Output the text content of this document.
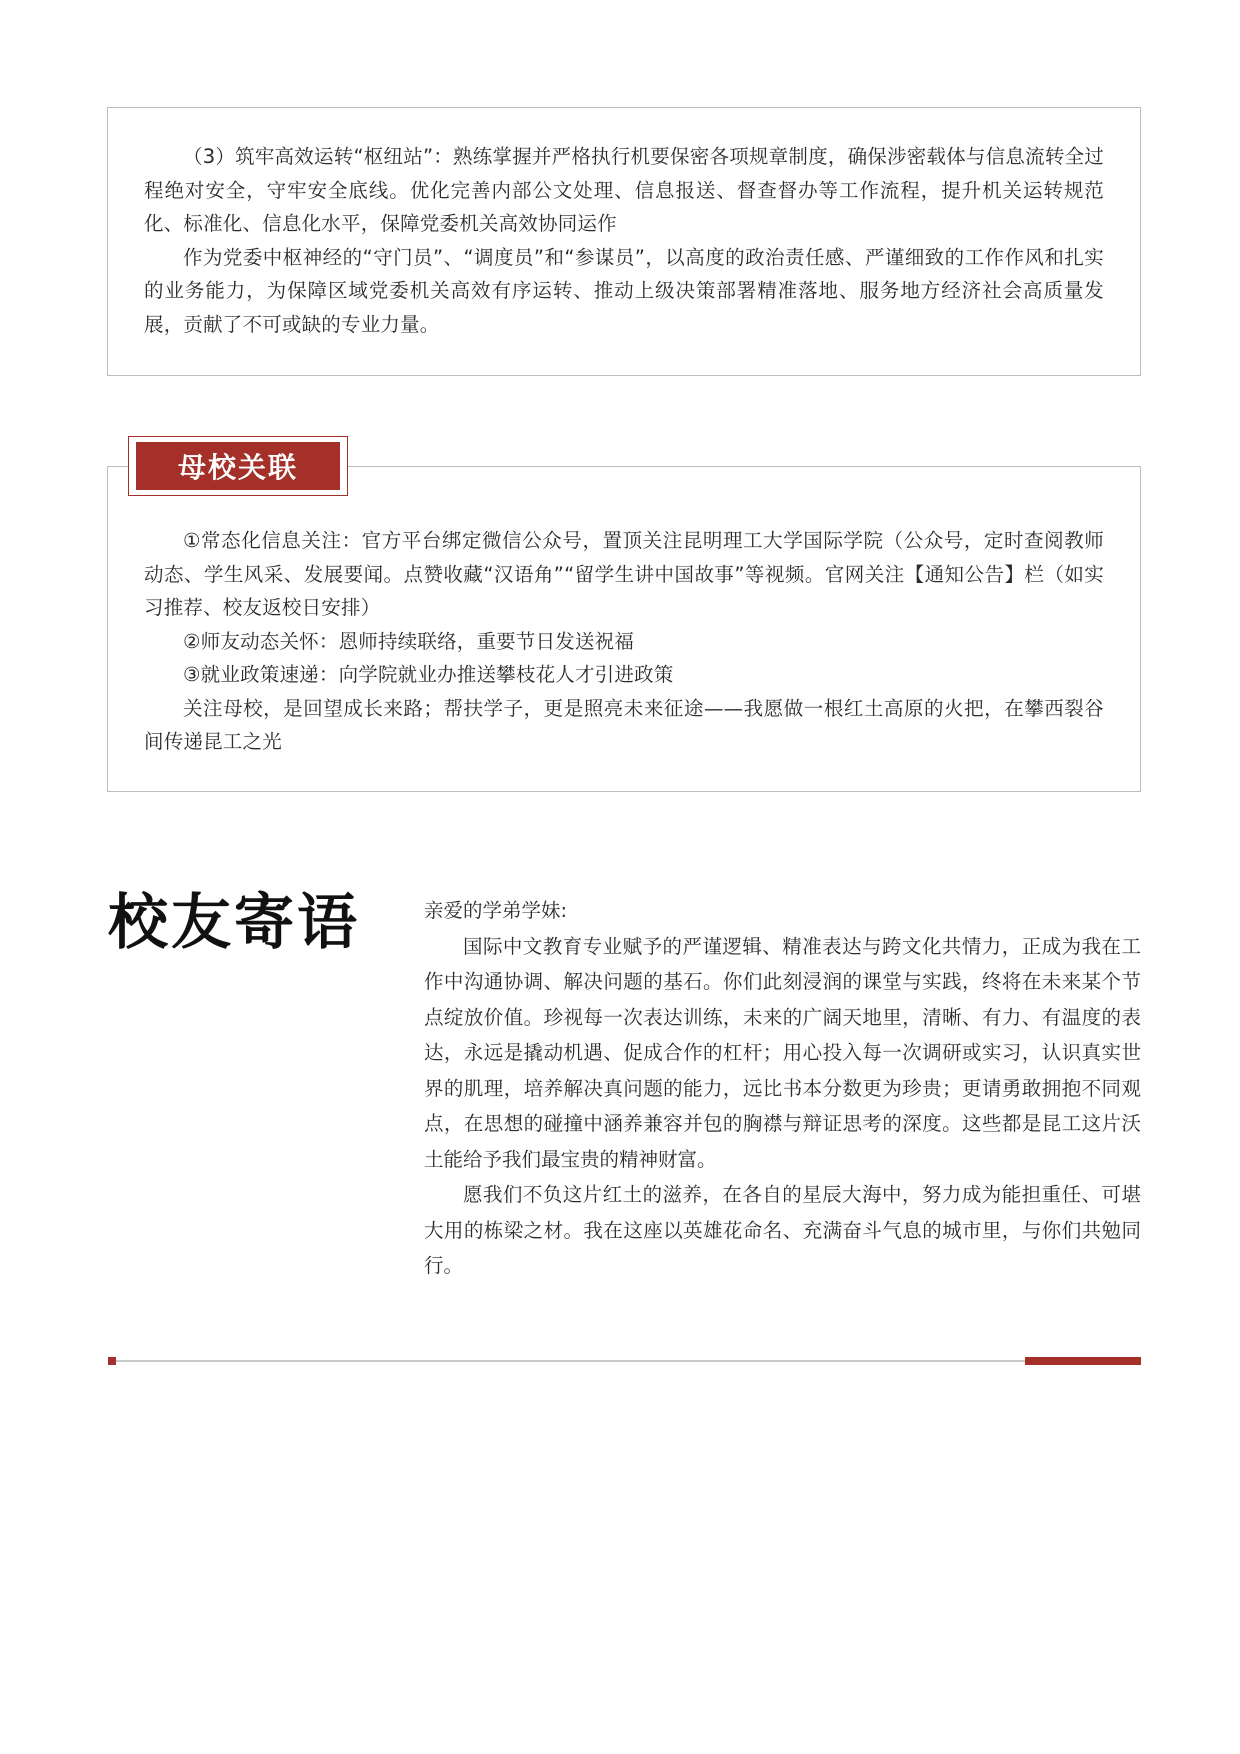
（3）筑牢高效运转“枢纽站”：熟练掌握并严格执行机要保密各项规章制度，确保涉密载体与信息流转全过程绝对安全，守牢安全底线。优化完善内部公文处理、信息报送、督查督办等工作流程，提升机关运转规范化、标准化、信息化水平，保障党委机关高效协同运作

作为党委中枢神经的“守门员”、“调度员”和“参谋员”，以高度的政治责任感、严谨细致的工作作风和扎实的业务能力，为保障区域党委机关高效有序运转、推动上级决策部署精准落地、服务地方经济社会高质量发展，贡献了不可或缺的专业力量。

①常态化信息关注：官方平台绑定微信公众号，置顶关注昆明理工大学国际学院（公众号，定时查阅教师动态、学生风采、发展要闻。点赞收藏“汉语角”“留学生讲中国故事”等视频。官网关注【通知公告】栏（如实习推荐、校友返校日安排）

②师友动态关怀：恩师持续联络，重要节日发送祝福

③就业政策速递：向学院就业办推送攀枝花人才引进政策

关注母校，是回望成长来路；帮扶学子，更是照亮未来征途——我愿做一根红土高原的火把，在攀西裂谷间传递昆工之光

母校关联
校友寄语	亲爱的学弟学妹:

国际中文教育专业赋予的严谨逻辑、精准表达与跨文化共情力，正成为我在工作中沟通协调、解决问题的基石。你们此刻浸润的课堂与实践，终将在未来某个节点绽放价值。珍视每一次表达训练，未来的广阔天地里，清晰、有力、有温度的表达，永远是撬动机遇、促成合作的杠杆；用心投入每一次调研或实习，认识真实世界的肌理，培养解决真问题的能力，远比书本分数更为珍贵；更请勇敢拥抱不同观点，在思想的碰撞中涵养兼容并包的胸襟与辩证思考的深度。这些都是昆工这片沃土能给予我们最宝贵的精神财富。

愿我们不负这片红土的滋养，在各自的星辰大海中，努力成为能担重任、可堪大用的栋梁之材。我在这座以英雄花命名、充满奋斗气息的城市里，与你们共勉同行。
